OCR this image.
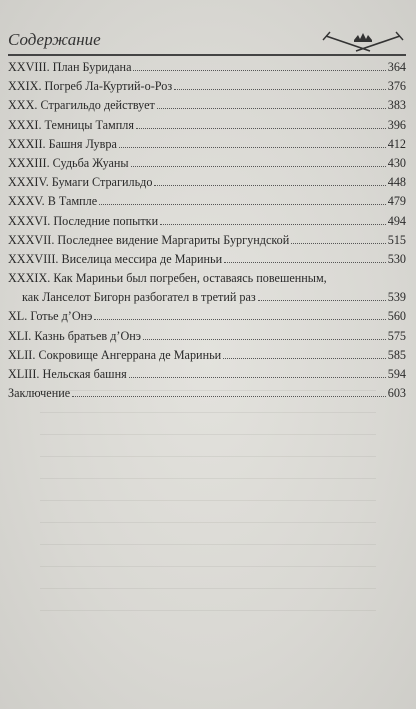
Содержание
XXVIII. План Буридана	364
XXIX. Погреб Ла-Куртий-о-Роз	376
XXX. Страгильдо действует	383
XXXI. Темницы Тампля	396
XXXII. Башня Лувра	412
XXXIII. Судьба Жуаны	430
XXXIV. Бумаги Страгильдо	448
XXXV. В Тампле	479
XXXVI. Последние попытки	494
XXXVII. Последнее видение Маргариты Бургундской	515
XXXVIII. Виселица мессира де Мариньи	530
XXXIX. Как Мариньи был погребен, оставаясь повешенным,
как Ланселот Бигорн разбогател в третий раз	539
XL. Готье д’Онэ	560
XLI. Казнь братьев д’Онэ	575
XLII. Сокровище Ангеррана де Мариньи	585
XLIII. Нельская башня	594
Заключение	603
